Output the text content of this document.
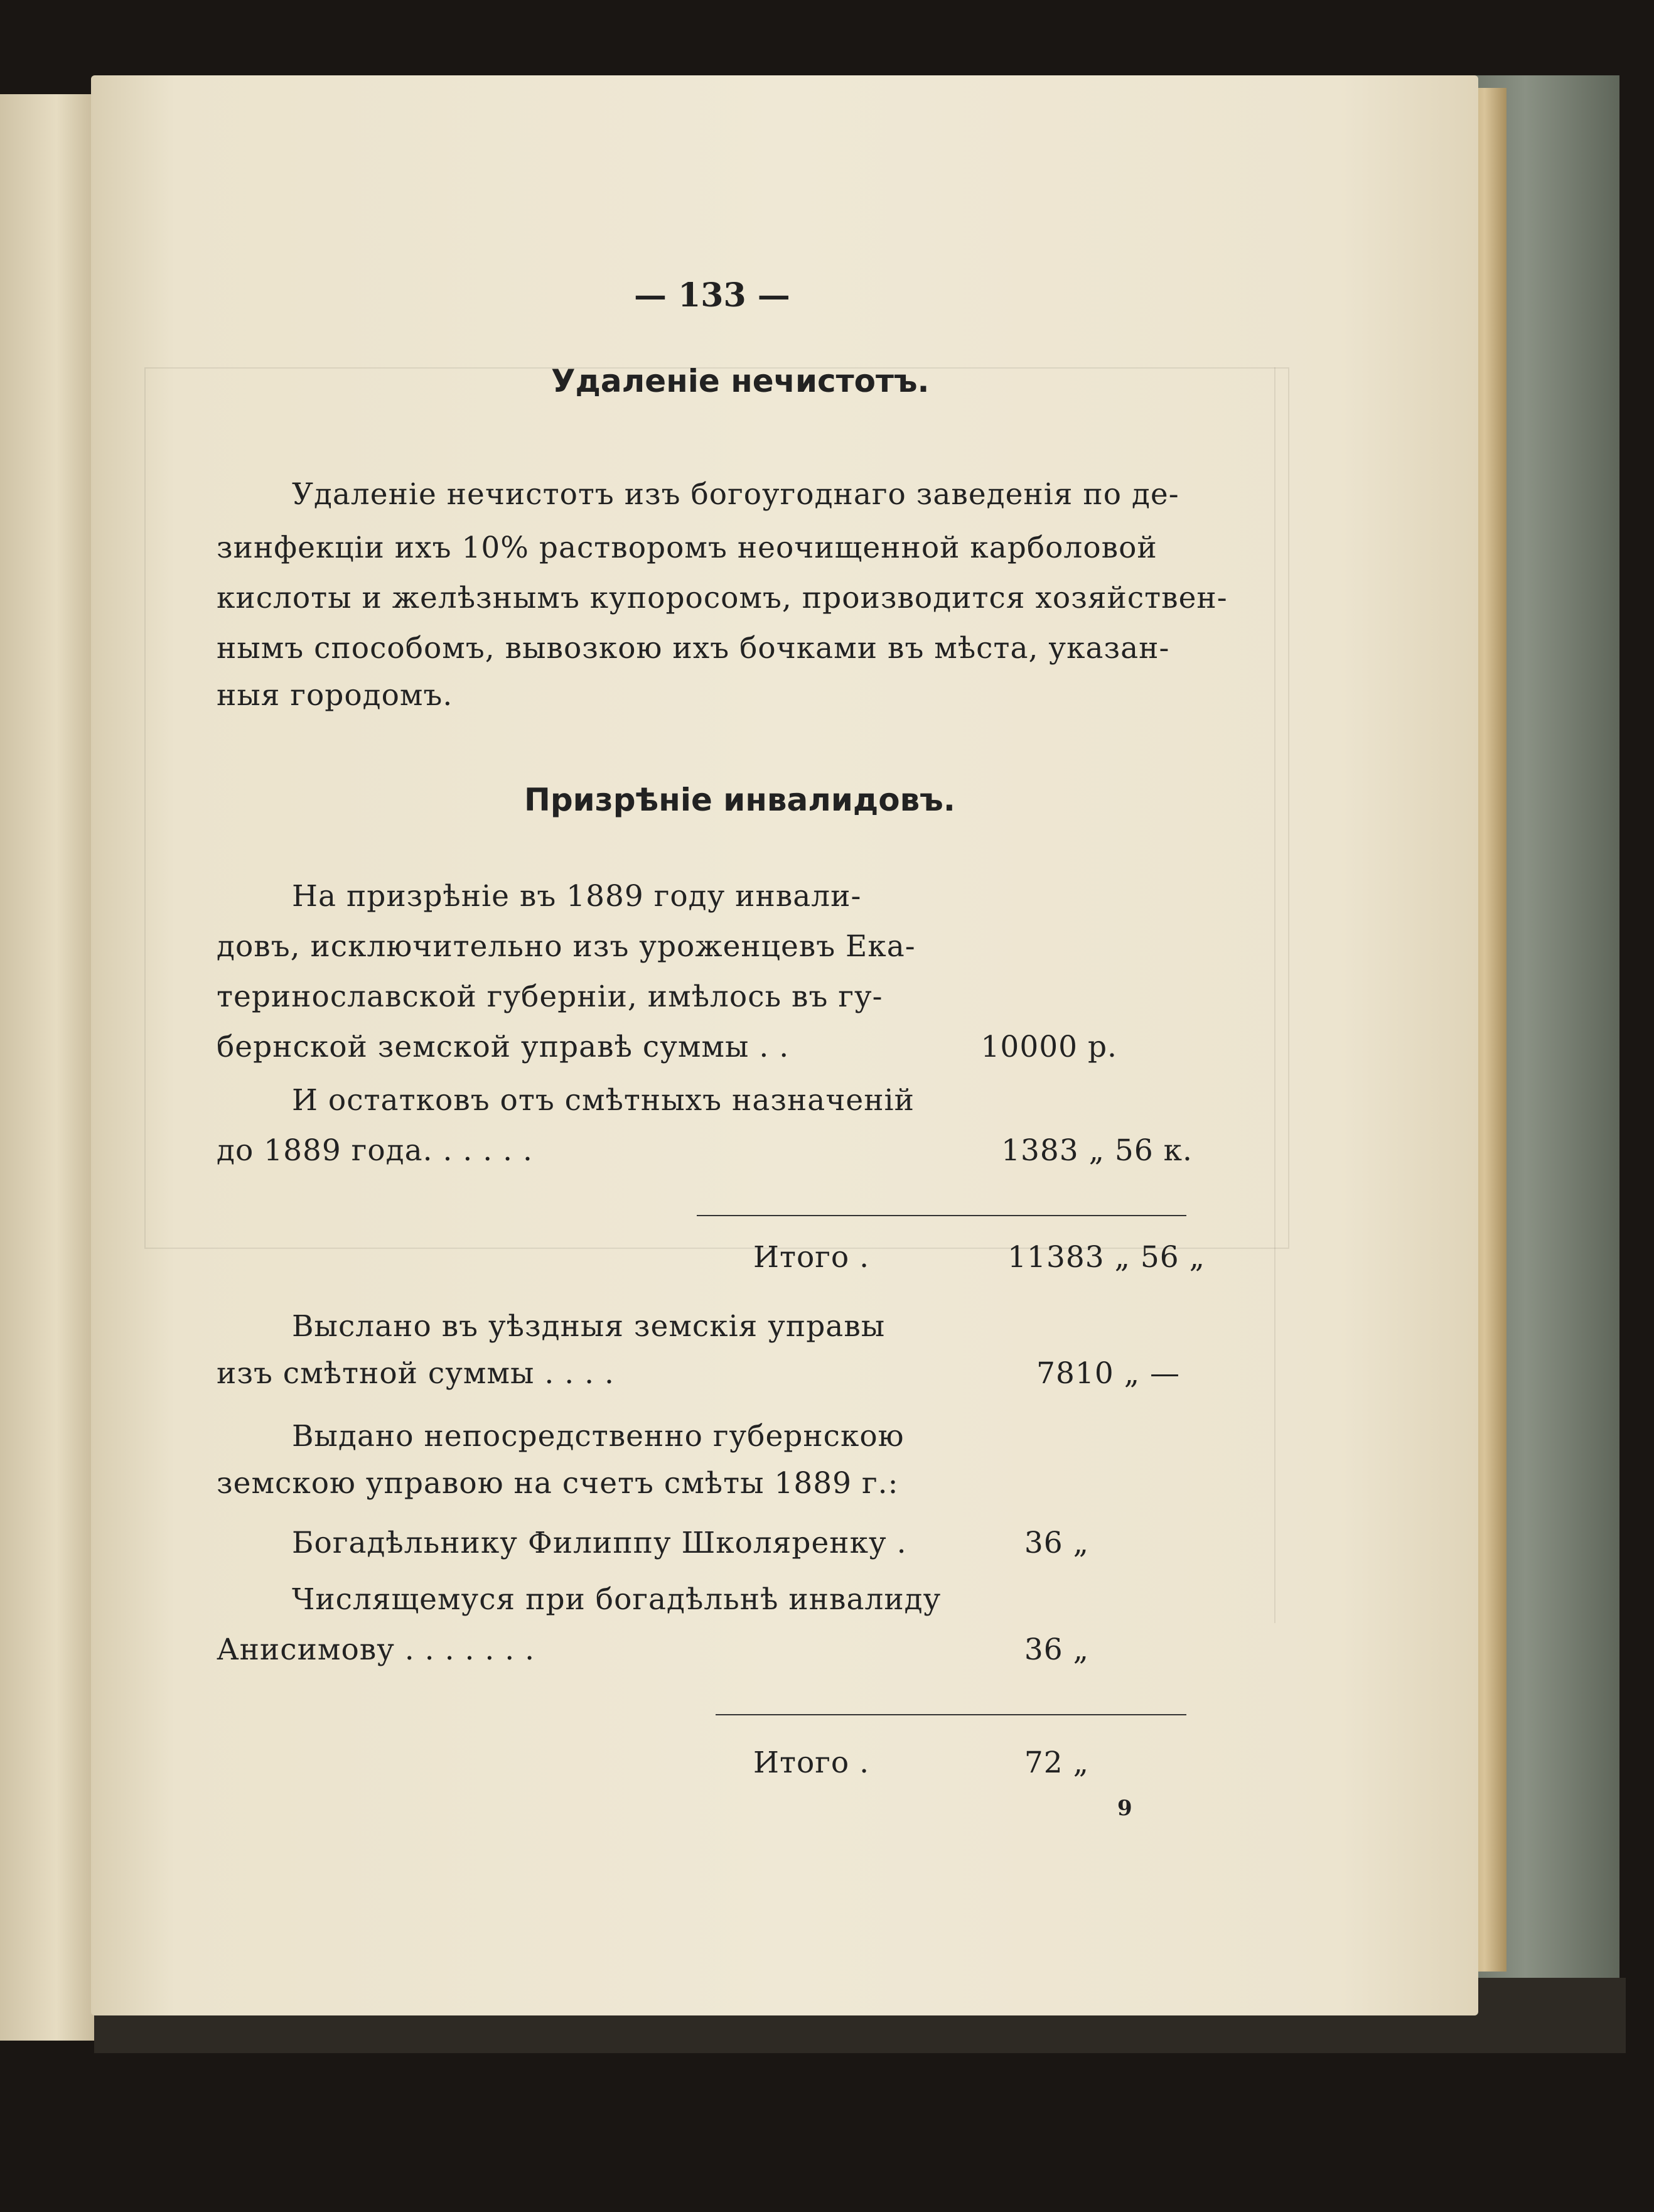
— 133 —
Удаленіе нечистотъ.
Удаленіе нечистотъ изъ богоугоднаго заведенія по де-
зинфекціи ихъ 10% растворомъ неочищенной карболовой
кислоты и желѣзнымъ купоросомъ, производится хозяйствен-
нымъ способомъ, вывозкою ихъ бочками въ мѣста, указан-
ныя городомъ.
Призрѣніе инвалидовъ.
На призрѣніе въ 1889 году инвали-
довъ, исключительно изъ уроженцевъ Ека-
теринославской губерніи, имѣлось въ гу-
бернской земской управѣ суммы . .	10000 р.
И остатковъ отъ смѣтныхъ назначеній
до 1889 года. . . . . .	1383 „ 56 к.
Итого .	11383 „ 56 „
Выслано въ уѣздныя земскія управы
изъ смѣтной суммы . . . .	7810 „ —
Выдано непосредственно губернскою
земскою управою на счетъ смѣты 1889 г.:
Богадѣльнику Филиппу Школяренку .	36 „
Числящемуся при богадѣльнѣ инвалиду
Анисимову . . . . . . .	36 „
Итого .	72 „
9
